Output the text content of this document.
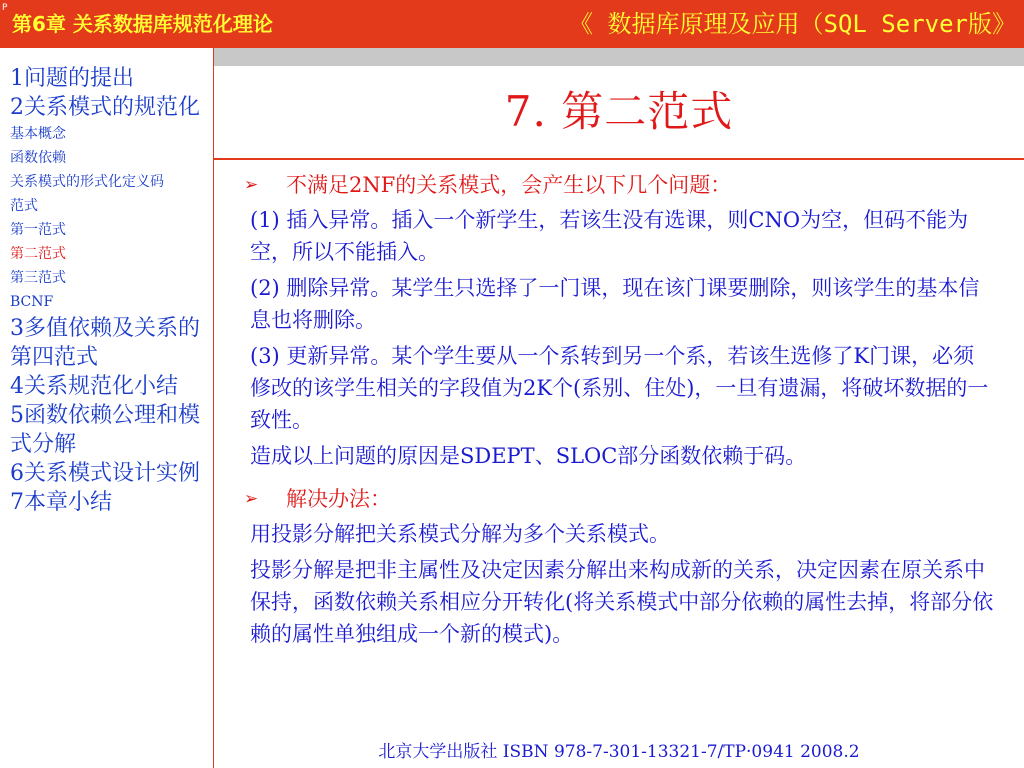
P
第6章 关系数据库规范化理论	《 数据库原理及应用（SQL Server版》
1问题的提出
2关系模式的规范化
基本概念
函数依赖
关系模式的形式化定义码
范式
第一范式
第二范式
第三范式
BCNF
3多值依赖及关系的第四范式
4关系规范化小结
5函数依赖公理和模式分解
6关系模式设计实例
7本章小结
7. 第二范式
➢ 不满足2NF的关系模式，会产生以下几个问题：
(1) 插入异常。插入一个新学生，若该生没有选课，则CNO为空，但码不能为空，所以不能插入。
(2) 删除异常。某学生只选择了一门课，现在该门课要删除，则该学生的基本信息也将删除。
(3) 更新异常。某个学生要从一个系转到另一个系，若该生选修了K门课，必须修改的该学生相关的字段值为2K个(系别、住处)，一旦有遗漏，将破坏数据的一致性。
造成以上问题的原因是SDEPT、SLOC部分函数依赖于码。
➢ 解决办法：
用投影分解把关系模式分解为多个关系模式。
投影分解是把非主属性及决定因素分解出来构成新的关系，决定因素在原关系中保持，函数依赖关系相应分开转化(将关系模式中部分依赖的属性去掉，将部分依赖的属性单独组成一个新的模式)。
北京大学出版社 ISBN 978-7-301-13321-7/TP·0941 2008.2
